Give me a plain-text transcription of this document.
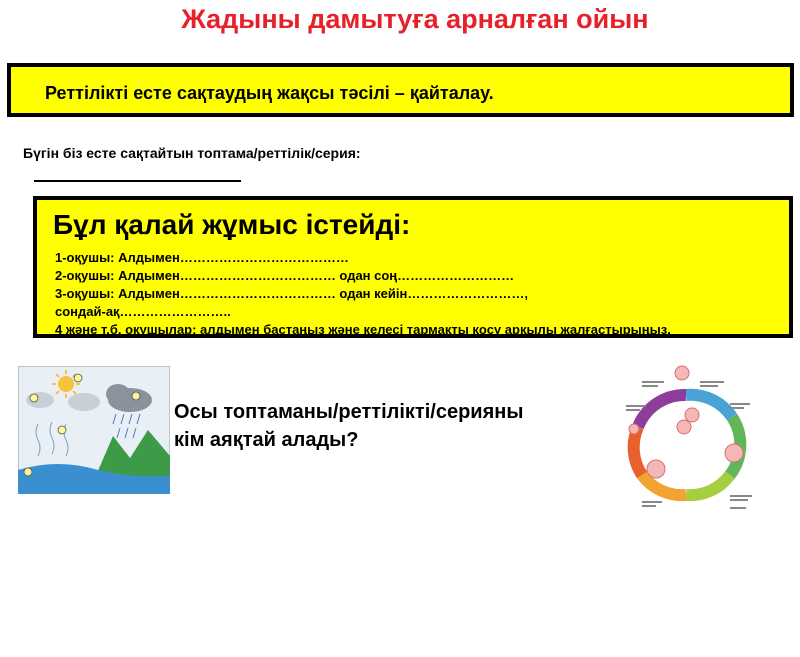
Жадыны дамытуға арналған ойын
Реттілікті есте сақтаудың жақсы тәсілі – қайталау.
Бүгін біз есте сақтайтын топтама/реттілік/серия:
Бұл қалай жұмыс істейді:
1-оқушы: Алдымен…………………………………
2-оқушы: Алдымен……………………………… одан соң………………………
3-оқушы: Алдымен……………………………… одан кейін………………………,
сондай-ақ……………………..
4 және т.б. оқушылар: алдымен бастаңыз және келесі тармақты қосу арқылы жалғастырыңыз.
Осы топтаманы/реттілікті/серияны
кім аяқтай алады?
